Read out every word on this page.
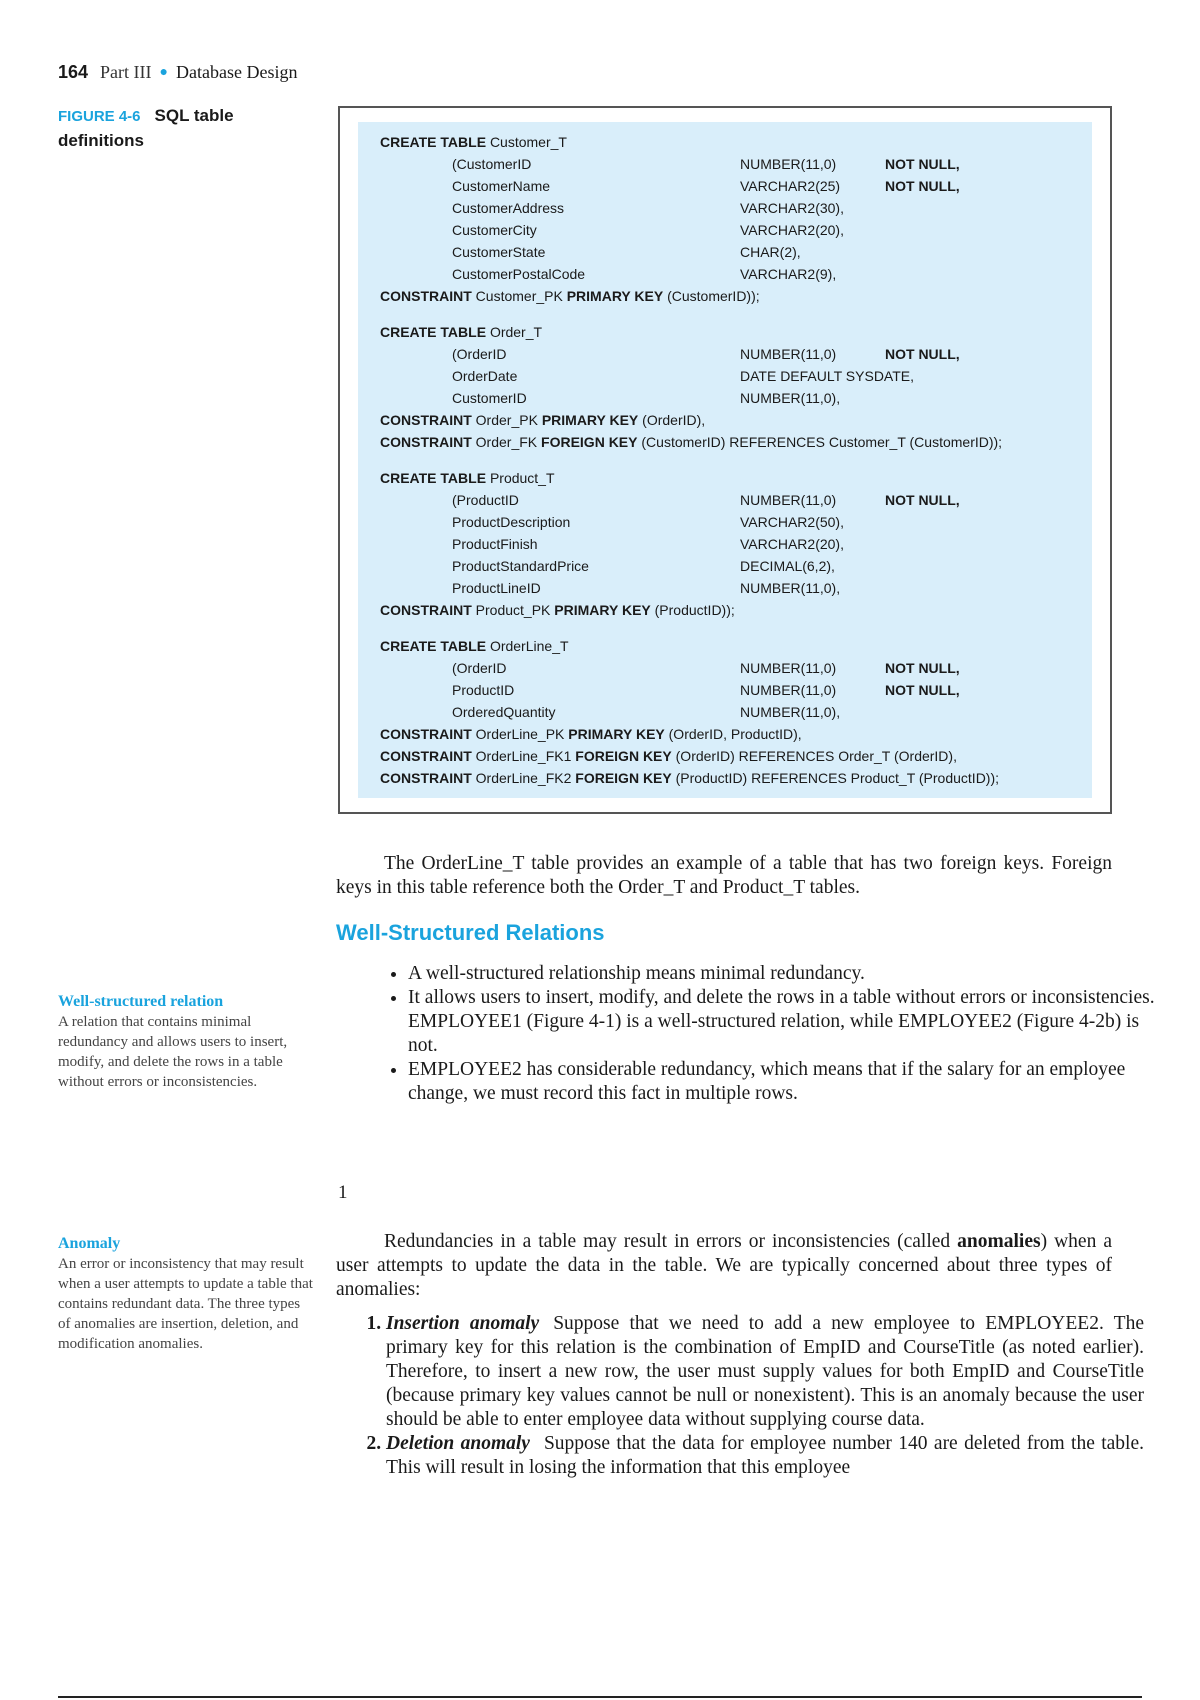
164 Part III ● Database Design
FIGURE 4-6 SQL table definitions	CREATE TABLE Customer_T
(CustomerID	NUMBER(11,0)	NOT NULL,
CustomerName	VARCHAR2(25)	NOT NULL,
CustomerAddress	VARCHAR2(30),
CustomerCity	VARCHAR2(20),
CustomerState	CHAR(2),
CustomerPostalCode	VARCHAR2(9),
CONSTRAINT Customer_PK PRIMARY KEY (CustomerID));
CREATE TABLE Order_T
(OrderID	NUMBER(11,0)	NOT NULL,
OrderDate	DATE DEFAULT SYSDATE,
CustomerID	NUMBER(11,0),
CONSTRAINT Order_PK PRIMARY KEY (OrderID),
CONSTRAINT Order_FK FOREIGN KEY (CustomerID) REFERENCES Customer_T (CustomerID));
CREATE TABLE Product_T
(ProductID	NUMBER(11,0)	NOT NULL,
ProductDescription	VARCHAR2(50),
ProductFinish	VARCHAR2(20),
ProductStandardPrice	DECIMAL(6,2),
ProductLineID	NUMBER(11,0),
CONSTRAINT Product_PK PRIMARY KEY (ProductID));
CREATE TABLE OrderLine_T
(OrderID	NUMBER(11,0)	NOT NULL,
ProductID	NUMBER(11,0)	NOT NULL,
OrderedQuantity	NUMBER(11,0),
CONSTRAINT OrderLine_PK PRIMARY KEY (OrderID, ProductID),
CONSTRAINT OrderLine_FK1 FOREIGN KEY (OrderID) REFERENCES Order_T (OrderID),
CONSTRAINT OrderLine_FK2 FOREIGN KEY (ProductID) REFERENCES Product_T (ProductID));

The OrderLine_T table provides an example of a table that has two foreign keys. Foreign keys in this table reference both the Order_T and Product_T tables.

Well-Structured Relations
• A well-structured relationship means minimal redundancy.
• It allows users to insert, modify, and delete the rows in a table without errors or inconsistencies. EMPLOYEE1 (Figure 4-1) is a well-structured relation, while EMPLOYEE2 (Figure 4-2b) is not.
• EMPLOYEE2 has considerable redundancy, which means that if the salary for an employee change, we must record this fact in multiple rows.
Well-structured relation
A relation that contains minimal redundancy and allows users to insert, modify, and delete the rows in a table without errors or inconsistencies.
1
Anomaly
An error or inconsistency that may result when a user attempts to update a table that contains redundant data. The three types of anomalies are insertion, deletion, and modification anomalies.

Redundancies in a table may result in errors or inconsistencies (called anomalies) when a user attempts to update the data in the table. We are typically concerned about three types of anomalies:

1. Insertion anomaly Suppose that we need to add a new employee to EMPLOYEE2. The primary key for this relation is the combination of EmpID and CourseTitle (as noted earlier). Therefore, to insert a new row, the user must supply values for both EmpID and CourseTitle (because primary key values cannot be null or nonexistent). This is an anomaly because the user should be able to enter employee data without supplying course data.
2. Deletion anomaly Suppose that the data for employee number 140 are deleted from the table. This will result in losing the information that this employee
